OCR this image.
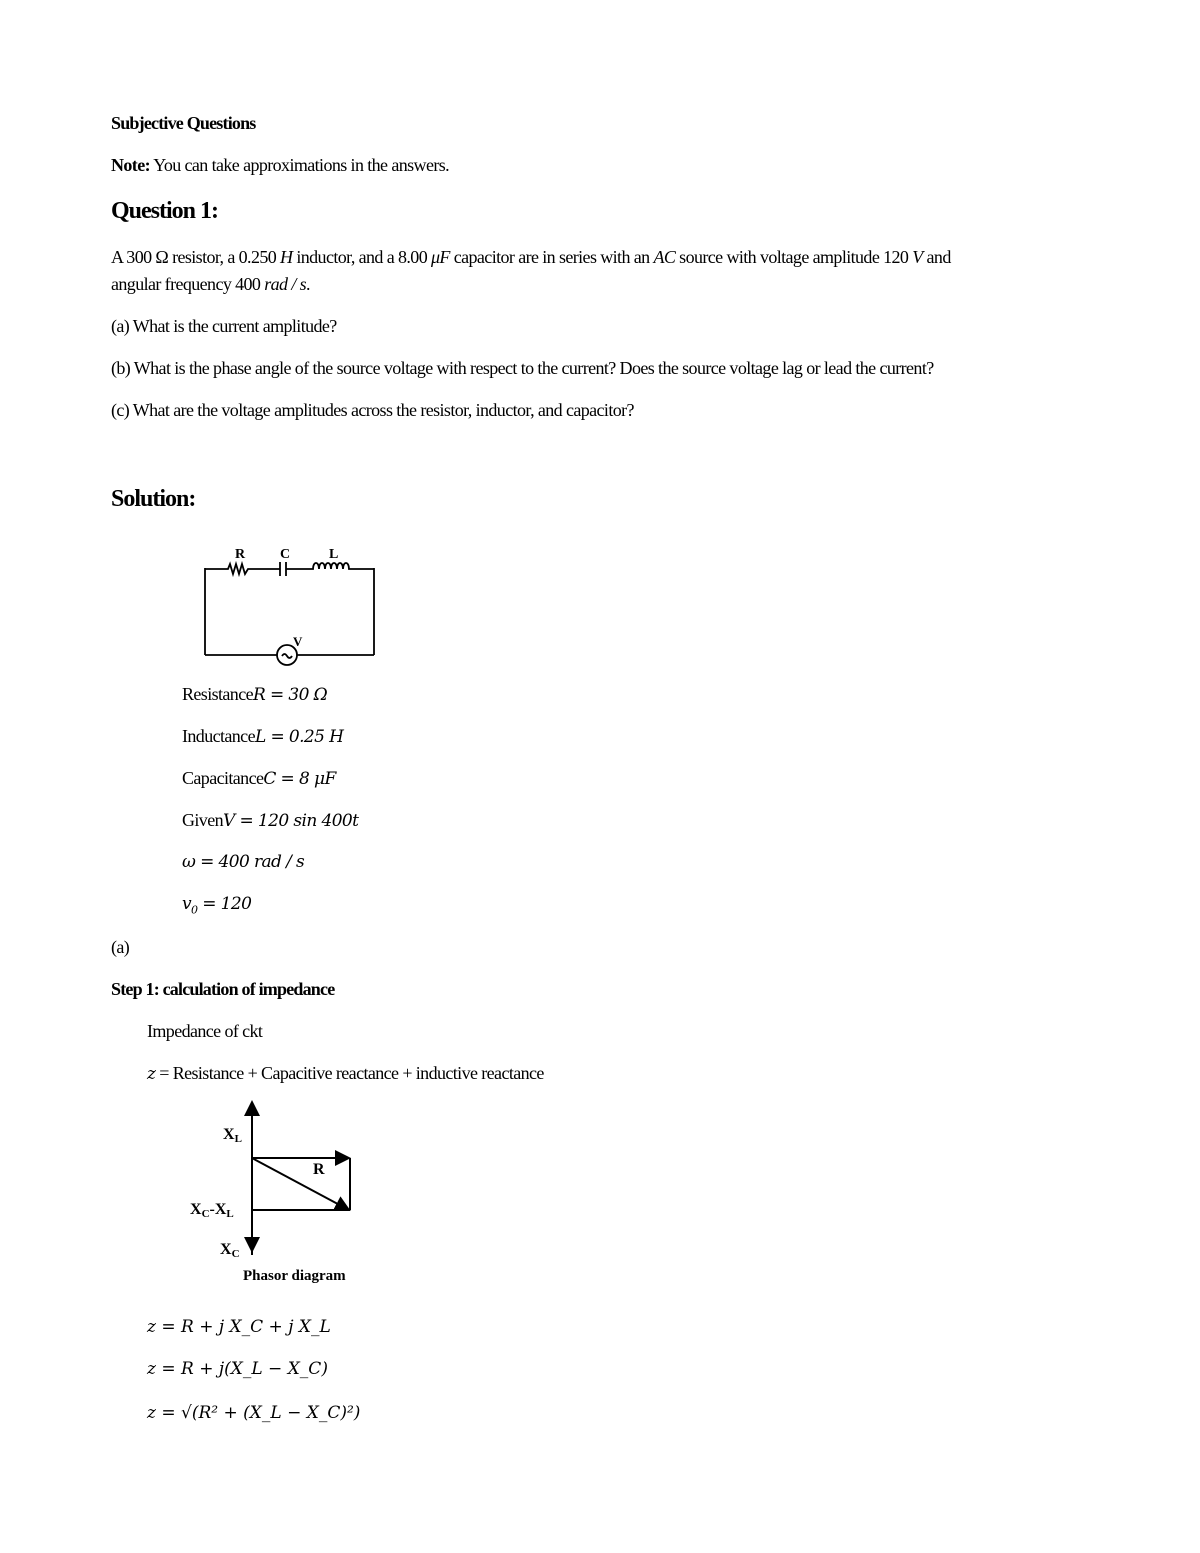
Subjective Questions
Note: You can take approximations in the answers.
Question 1:
A 300 Ω resistor, a 0.250 H inductor, and a 8.00 μF capacitor are in series with an AC source with voltage amplitude 120 V and
angular frequency 400 rad / s.
(a) What is the current amplitude?
(b) What is the phase angle of the source voltage with respect to the current? Does the source voltage lag or lead the current?
(c) What are the voltage amplitudes across the resistor, inductor, and capacitor?
Solution:
R C	L
V
ResistanceR = 30 Ω
InductanceL = 0.25 H
CapacitanceC = 8 μF
GivenV = 120 sin 400t
ω = 400 rad / s
$v_0 = 120$
(a)
Step 1: calculation of impedance
Impedance of ckt
z = Resistance + Capacitive reactance + inductive reactance
XL
R
XC-XL
XC
Phasor diagram
z = R + j X_C + j X_L
z = R + j(X_L − X_C)
z = √(R² + (X_L − X_C)²)
